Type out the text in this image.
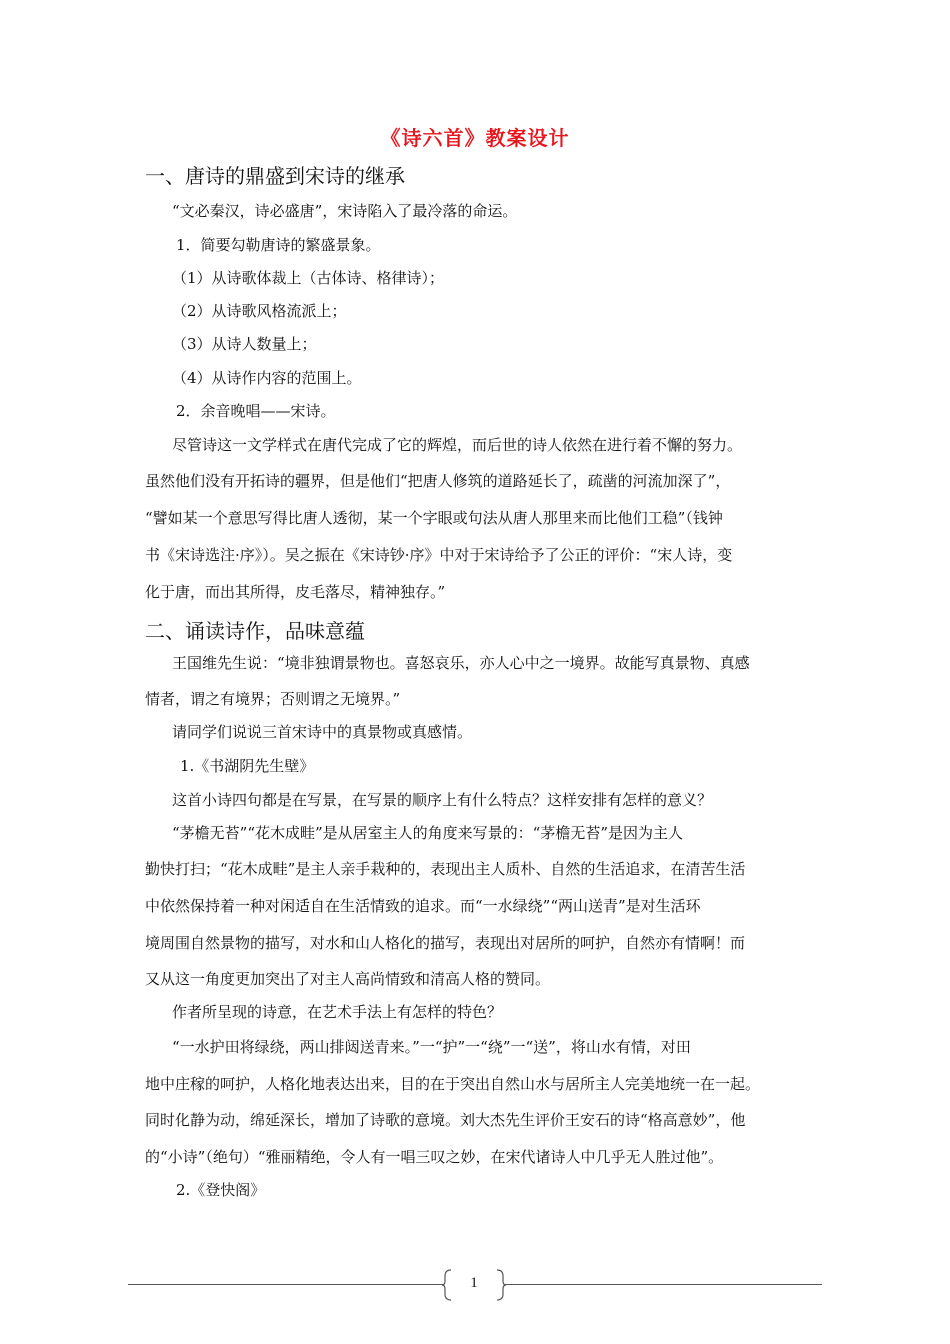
《诗六首》教案设计
一、唐诗的鼎盛到宋诗的继承
“文必秦汉，诗必盛唐”，宋诗陷入了最冷落的命运。
1．简要勾勒唐诗的繁盛景象。
（1）从诗歌体裁上（古体诗、格律诗）；
（2）从诗歌风格流派上；
（3）从诗人数量上；
（4）从诗作内容的范围上。
2．余音晚唱——宋诗。
尽管诗这一文学样式在唐代完成了它的辉煌，而后世的诗人依然在进行着不懈的努力。
虽然他们没有开拓诗的疆界，但是他们“把唐人修筑的道路延长了，疏凿的河流加深了”，
“譬如某一个意思写得比唐人透彻，某一个字眼或句法从唐人那里来而比他们工稳”（钱钟
书《宋诗选注·序》）。吴之振在《宋诗钞·序》中对于宋诗给予了公正的评价：“宋人诗，变
化于唐，而出其所得，皮毛落尽，精神独存。”
二、诵读诗作，品味意蕴
王国维先生说：“境非独谓景物也。喜怒哀乐，亦人心中之一境界。故能写真景物、真感
情者，谓之有境界；否则谓之无境界。”
请同学们说说三首宋诗中的真景物或真感情。
1.《书湖阴先生壁》
这首小诗四句都是在写景，在写景的顺序上有什么特点？这样安排有怎样的意义？
“茅檐无苔”“花木成畦”是从居室主人的角度来写景的：“茅檐无苔”是因为主人
勤快打扫；“花木成畦”是主人亲手栽种的，表现出主人质朴、自然的生活追求，在清苦生活
中依然保持着一种对闲适自在生活情致的追求。而“一水绿绕”“两山送青”是对生活环
境周围自然景物的描写，对水和山人格化的描写，表现出对居所的呵护，自然亦有情啊！而
又从这一角度更加突出了对主人高尚情致和清高人格的赞同。
作者所呈现的诗意，在艺术手法上有怎样的特色？
“一水护田将绿绕，两山排闼送青来。”一“护”一“绕”一“送”，将山水有情，对田
地中庄稼的呵护，人格化地表达出来，目的在于突出自然山水与居所主人完美地统一在一起。
同时化静为动，绵延深长，增加了诗歌的意境。刘大杰先生评价王安石的诗“格高意妙”，他
的“小诗”（绝句）“雅丽精绝，令人有一唱三叹之妙，在宋代诸诗人中几乎无人胜过他”。
2.《登快阁》
1
